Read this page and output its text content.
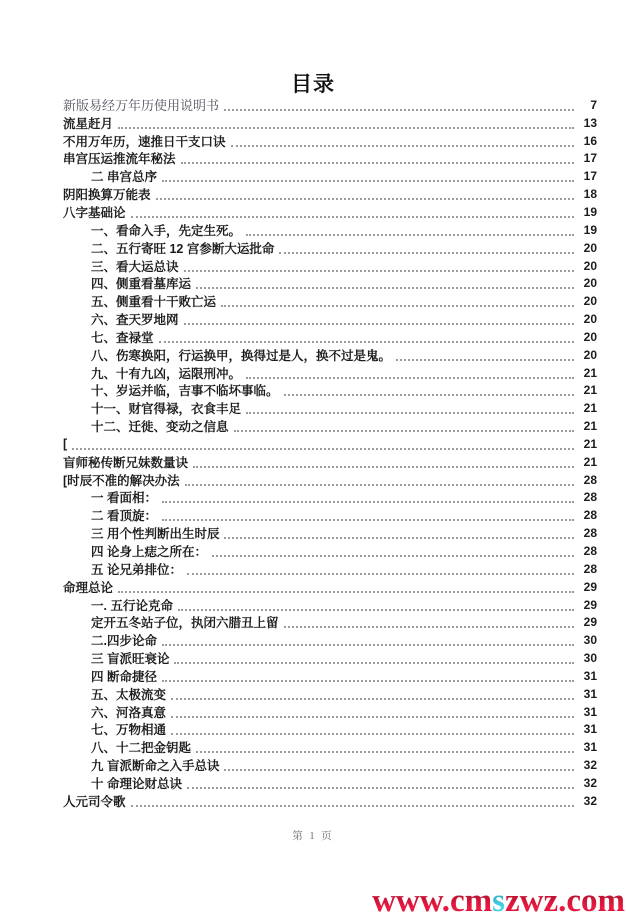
目录
新版易经万年历使用说明书	7
流星赶月	13
不用万年历，速推日干支口诀	16
串宫压运推流年秘法	17
二 串宫总序	17
阴阳换算万能表	18
八字基础论	19
一、看命入手，先定生死。	19
二、五行寄旺 12 宫参断大运批命	20
三、看大运总诀	20
四、侧重看墓库运	20
五、侧重看十干败亡运	20
六、查天罗地网	20
七、查禄堂	20
八、伤寒换阳，行运换甲，换得过是人，换不过是鬼。	20
九、十有九凶，运限刑冲。	21
十、岁运并临，吉事不临坏事临。	21
十一、财官得禄，衣食丰足	21
十二、迁徙、变动之信息	21
[	21
盲师秘传断兄妹数量诀	21
[时辰不准的解决办法	28
一 看面相：	28
二 看顶旋：	28
三 用个性判断出生时辰	28
四 论身上痣之所在：	28
五 论兄弟排位：	28
命理总论	29
一. 五行论克命	29
定开五冬站子位，执闭六腊丑上留	29
二.四步论命	30
三 盲派旺衰论	30
四 断命捷径	31
五、太极流变	31
六、河洛真意	31
七、万物相通	31
八、十二把金钥匙	31
九 盲派断命之入手总诀	32
十 命理论财总诀	32
人元司令歌	32
第 1 页
www.cmszwz.com
